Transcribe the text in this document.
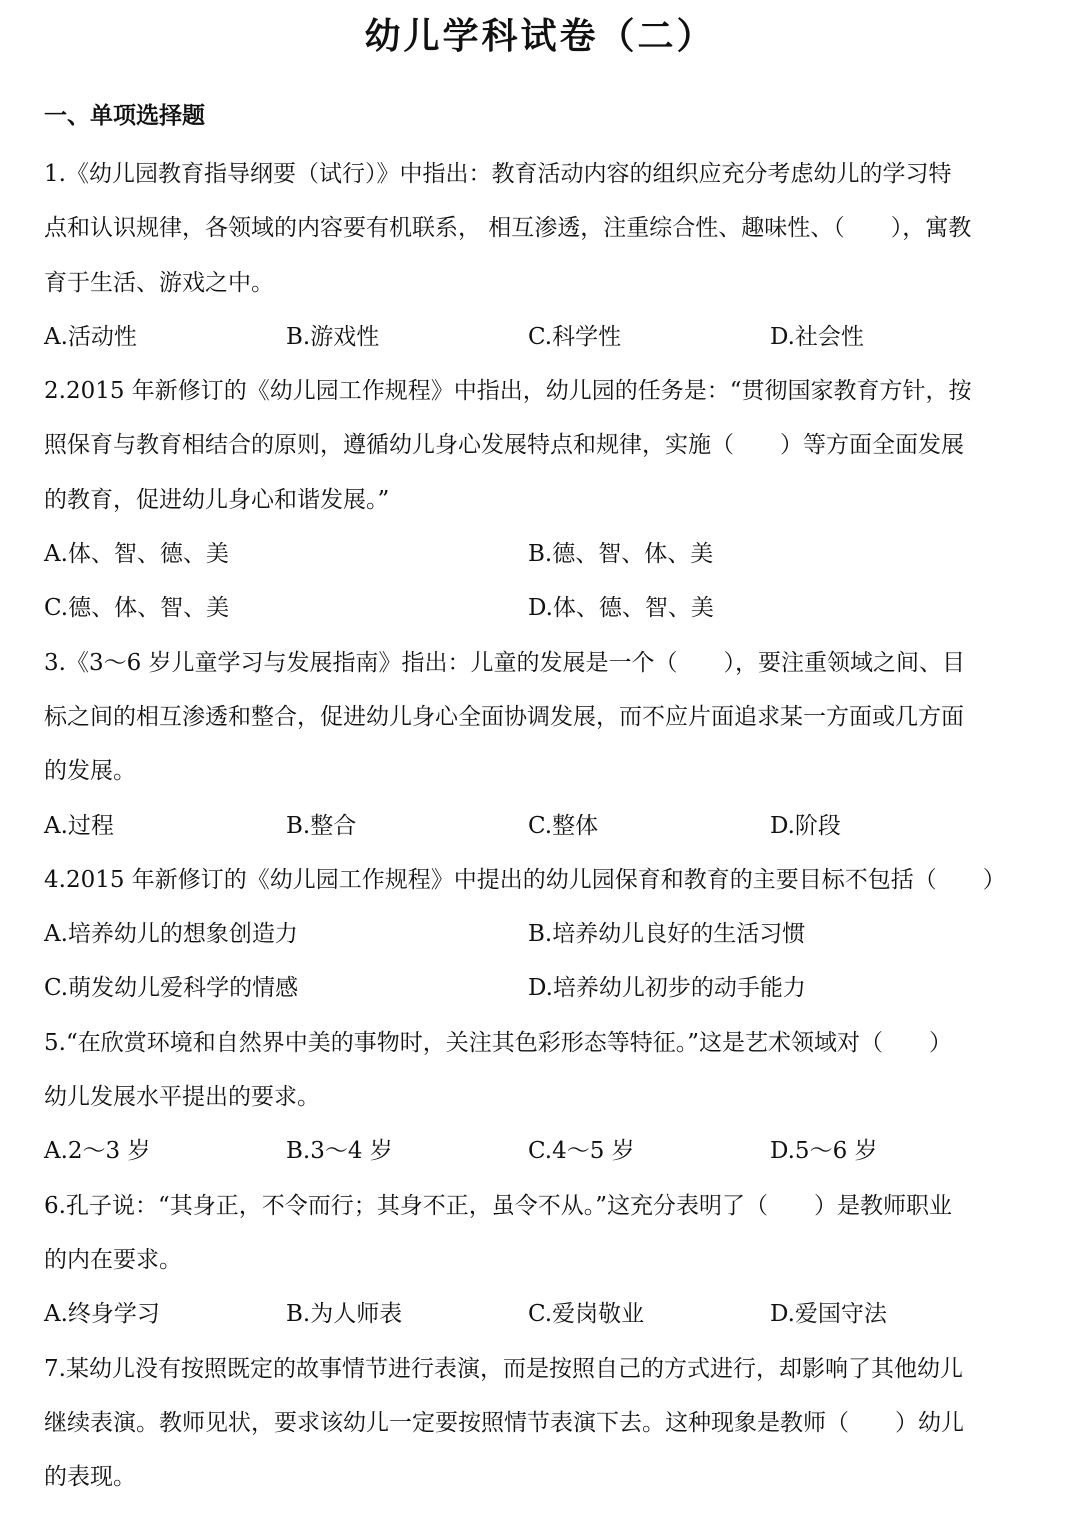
幼儿学科试卷（二）
一、单项选择题
1.《幼儿园教育指导纲要（试行）》中指出：教育活动内容的组织应充分考虑幼儿的学习特
点和认识规律，各领域的内容要有机联系， 相互渗透，注重综合性、趣味性、（　　），寓教
育于生活、游戏之中。
A.活动性	B.游戏性	C.科学性	D.社会性
2.2015 年新修订的《幼儿园工作规程》中指出，幼儿园的任务是：“贯彻国家教育方针，按
照保育与教育相结合的原则，遵循幼儿身心发展特点和规律，实施（　　）等方面全面发展
的教育，促进幼儿身心和谐发展。”
A.体、智、德、美	B.德、智、体、美
C.德、体、智、美	D.体、德、智、美
3.《3～6 岁儿童学习与发展指南》指出：儿童的发展是一个（　　），要注重领域之间、目
标之间的相互渗透和整合，促进幼儿身心全面协调发展，而不应片面追求某一方面或几方面
的发展。
A.过程	B.整合	C.整体	D.阶段
4.2015 年新修订的《幼儿园工作规程》中提出的幼儿园保育和教育的主要目标不包括（　　）
A.培养幼儿的想象创造力	B.培养幼儿良好的生活习惯
C.萌发幼儿爱科学的情感	D.培养幼儿初步的动手能力
5.“在欣赏环境和自然界中美的事物时，关注其色彩形态等特征。”这是艺术领域对（　　）
幼儿发展水平提出的要求。
A.2～3 岁	B.3～4 岁	C.4～5 岁	D.5～6 岁
6.孔子说：“其身正，不令而行；其身不正，虽令不从。”这充分表明了（　　）是教师职业
的内在要求。
A.终身学习	B.为人师表	C.爱岗敬业	D.爱国守法
7.某幼儿没有按照既定的故事情节进行表演，而是按照自己的方式进行，却影响了其他幼儿
继续表演。教师见状，要求该幼儿一定要按照情节表演下去。这种现象是教师（　　）幼儿
的表现。
